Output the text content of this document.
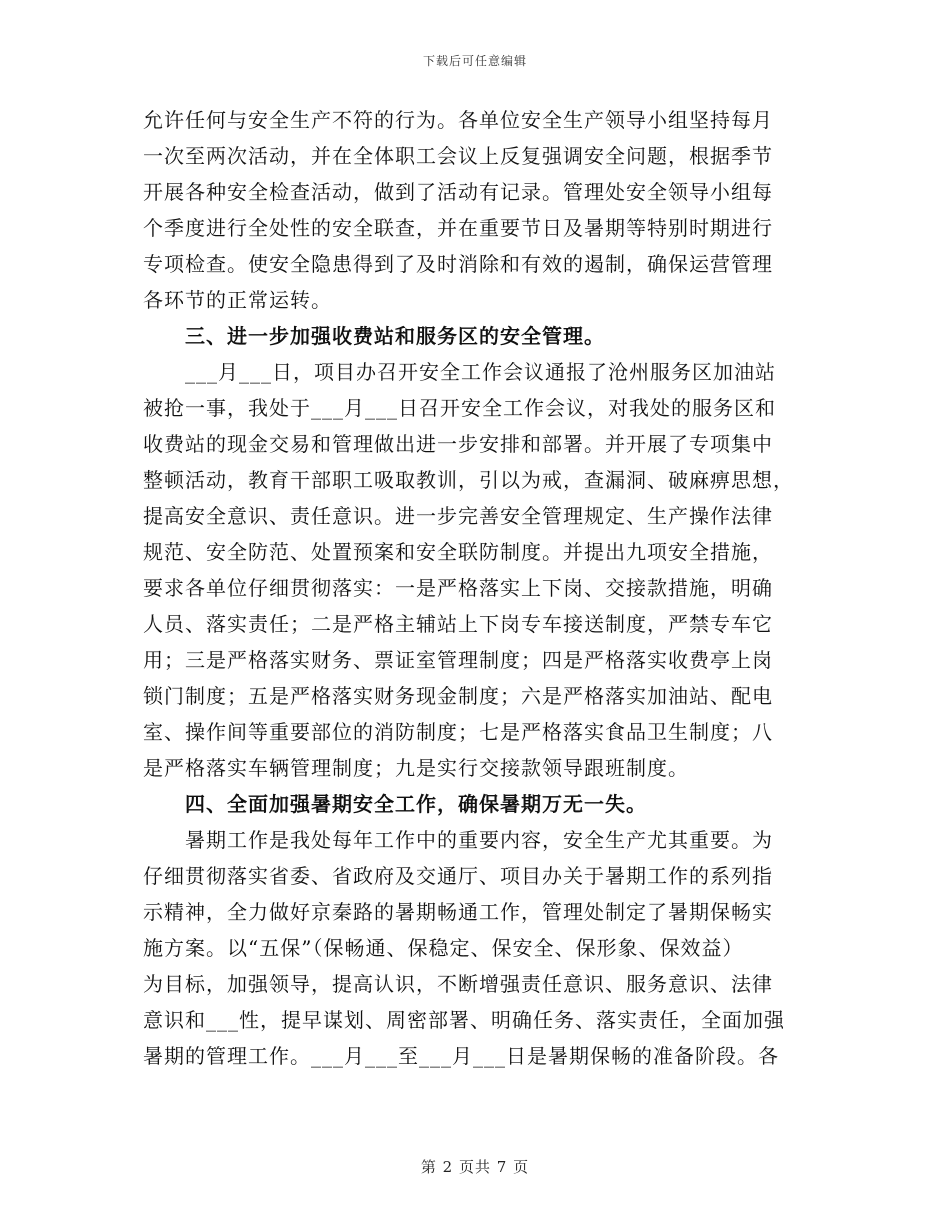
下载后可任意编辑
允许任何与安全生产不符的行为。各单位安全生产领导小组坚持每月
一次至两次活动，并在全体职工会议上反复强调安全问题，根据季节
开展各种安全检查活动，做到了活动有记录。管理处安全领导小组每
个季度进行全处性的安全联查，并在重要节日及暑期等特别时期进行
专项检查。使安全隐患得到了及时消除和有效的遏制，确保运营管理
各环节的正常运转。
　　三、进一步加强收费站和服务区的安全管理。
　　___月___日，项目办召开安全工作会议通报了沧州服务区加油站
被抢一事，我处于___月___日召开安全工作会议，对我处的服务区和
收费站的现金交易和管理做出进一步安排和部署。并开展了专项集中
整顿活动，教育干部职工吸取教训，引以为戒，查漏洞、破麻痹思想，
提高安全意识、责任意识。进一步完善安全管理规定、生产操作法律
规范、安全防范、处置预案和安全联防制度。并提出九项安全措施，
要求各单位仔细贯彻落实：一是严格落实上下岗、交接款措施，明确
人员、落实责任；二是严格主辅站上下岗专车接送制度，严禁专车它
用；三是严格落实财务、票证室管理制度；四是严格落实收费亭上岗
锁门制度；五是严格落实财务现金制度；六是严格落实加油站、配电
室、操作间等重要部位的消防制度；七是严格落实食品卫生制度；八
是严格落实车辆管理制度；九是实行交接款领导跟班制度。
　　四、全面加强暑期安全工作，确保暑期万无一失。
　　暑期工作是我处每年工作中的重要内容，安全生产尤其重要。为
仔细贯彻落实省委、省政府及交通厅、项目办关于暑期工作的系列指
示精神，全力做好京秦路的暑期畅通工作，管理处制定了暑期保畅实
施方案。以“五保”（保畅通、保稳定、保安全、保形象、保效益）
为目标，加强领导，提高认识，不断增强责任意识、服务意识、法律
意识和___性，提早谋划、周密部署、明确任务、落实责任，全面加强
暑期的管理工作。___月___至___月___日是暑期保畅的准备阶段。各
第 2 页共 7 页
